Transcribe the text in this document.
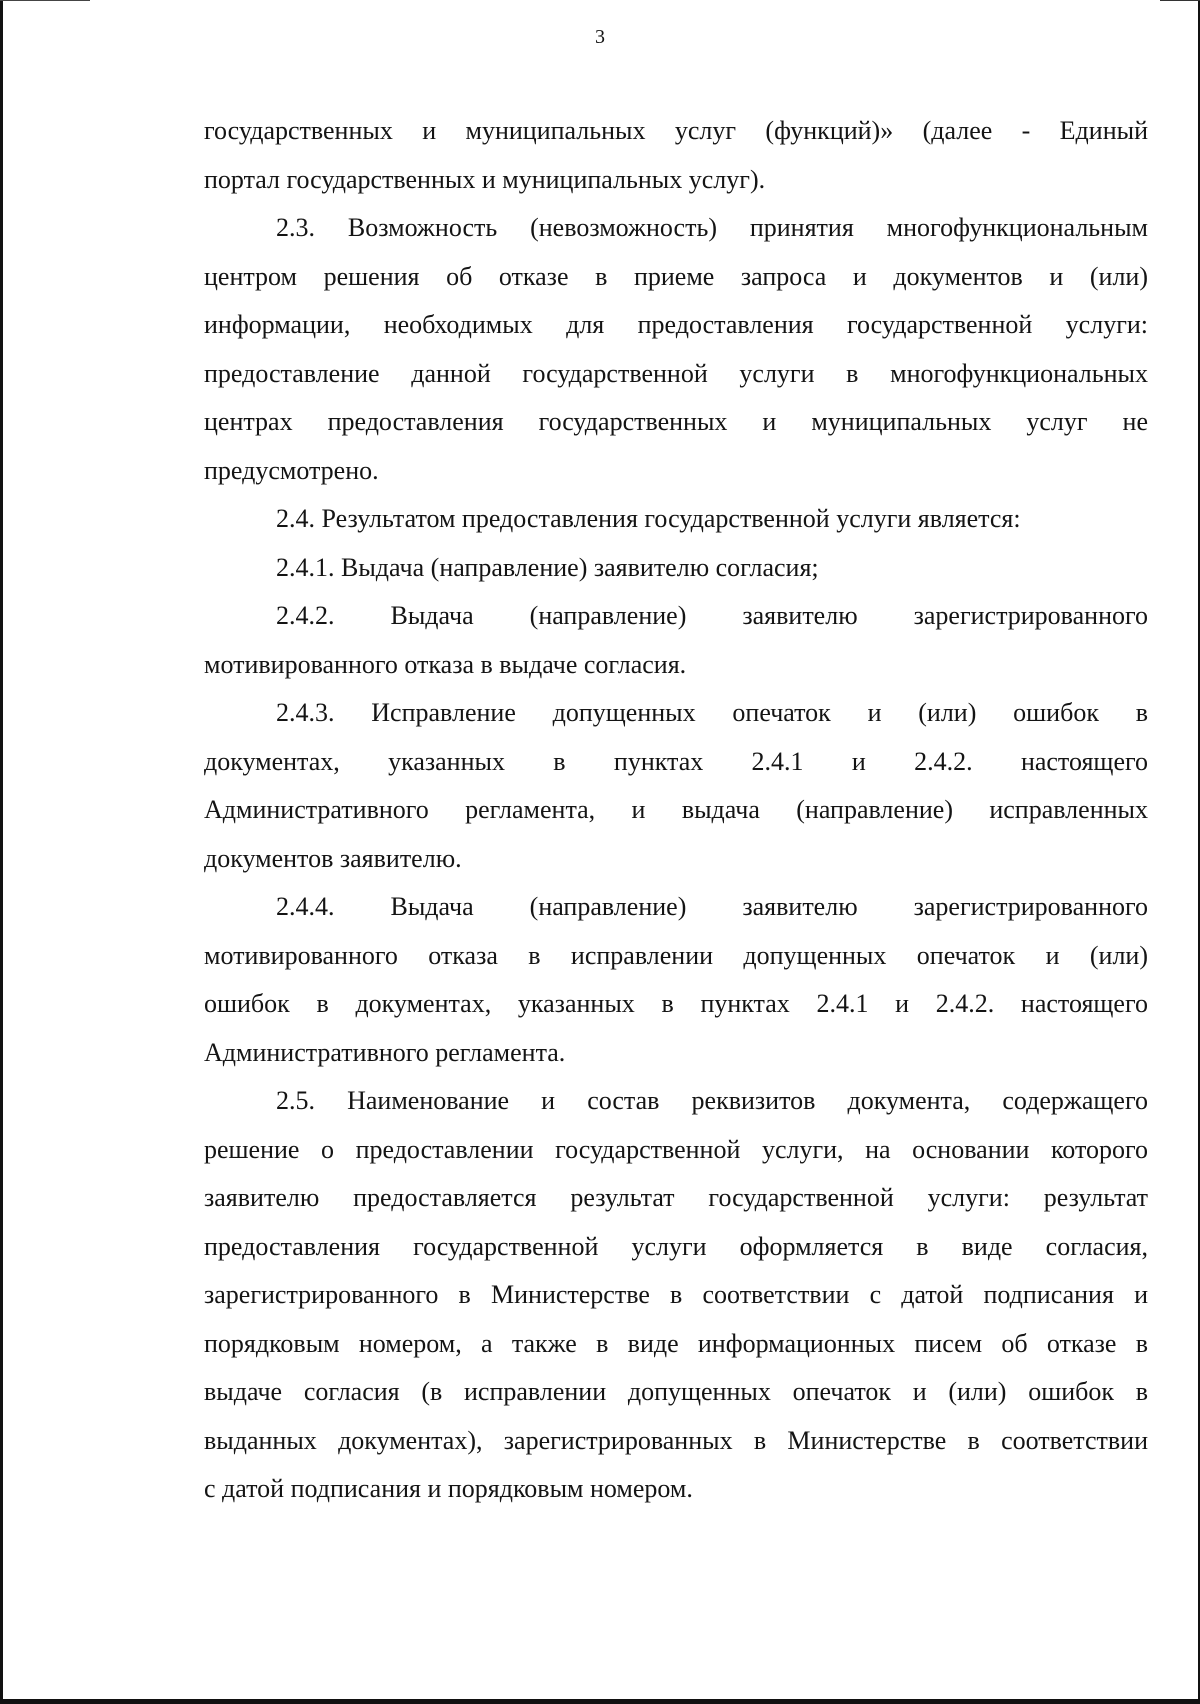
3

государственных и муниципальных услуг (функций)» (далее - Единый
портал государственных и муниципальных услуг).

2.3. Возможность (невозможность) принятия многофункциональным
центром решения об отказе в приеме запроса и документов и (или)
информации, необходимых для предоставления государственной услуги:
предоставление данной государственной услуги в многофункциональных
центрах предоставления государственных и муниципальных услуг не
предусмотрено.

2.4. Результатом предоставления государственной услуги является:

2.4.1. Выдача (направление) заявителю согласия;

2.4.2. Выдача (направление) заявителю зарегистрированного
мотивированного отказа в выдаче согласия.

2.4.3. Исправление допущенных опечаток и (или) ошибок в
документах, указанных в пунктах 2.4.1 и 2.4.2. настоящего
Административного регламента, и выдача (направление) исправленных
документов заявителю.

2.4.4. Выдача (направление) заявителю зарегистрированного
мотивированного отказа в исправлении допущенных опечаток и (или)
ошибок в документах, указанных в пунктах 2.4.1 и 2.4.2. настоящего
Административного регламента.

2.5. Наименование и состав реквизитов документа, содержащего
решение о предоставлении государственной услуги, на основании которого
заявителю предоставляется результат государственной услуги: результат
предоставления государственной услуги оформляется в виде согласия,
зарегистрированного в Министерстве в соответствии с датой подписания и
порядковым номером, а также в виде информационных писем об отказе в
выдаче согласия (в исправлении допущенных опечаток и (или) ошибок в
выданных документах), зарегистрированных в Министерстве в соответствии
с датой подписания и порядковым номером.
